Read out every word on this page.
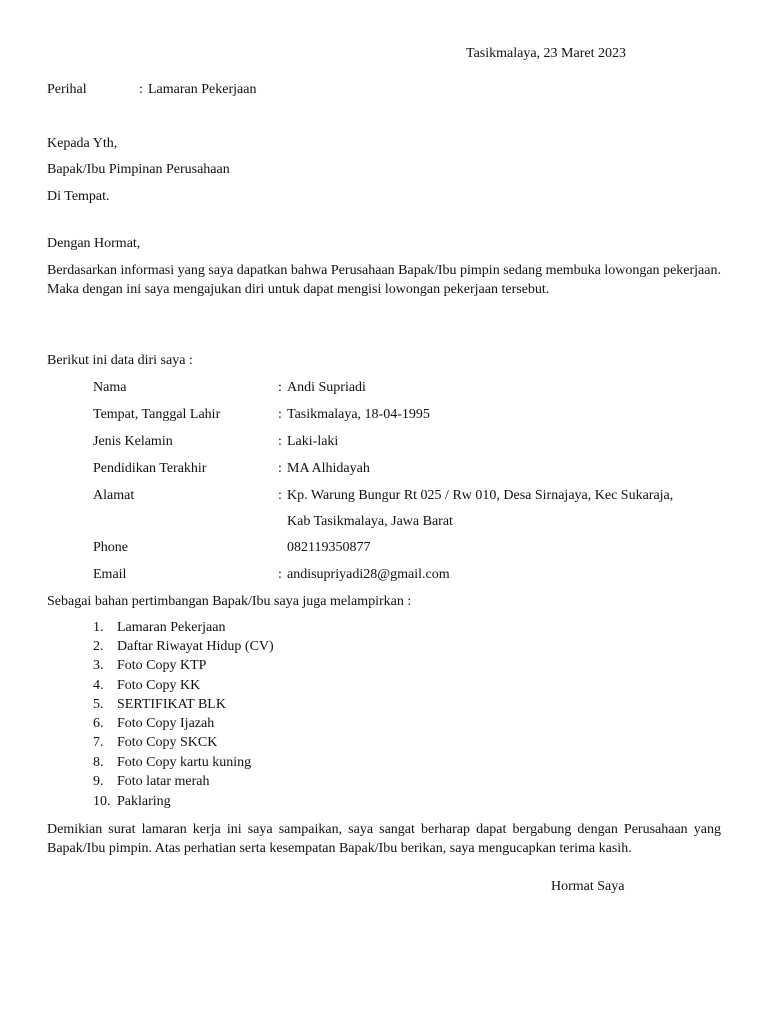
Tasikmalaya, 23 Maret 2023
Perihal	: Lamaran Pekerjaan
Kepada Yth,
Bapak/Ibu Pimpinan Perusahaan
Di Tempat.
Dengan Hormat,
Berdasarkan informasi yang saya dapatkan bahwa Perusahaan Bapak/Ibu pimpin sedang membuka lowongan pekerjaan. Maka dengan ini saya mengajukan diri untuk dapat mengisi lowongan pekerjaan tersebut.
Berikut ini data diri saya :
Nama	: Andi Supriadi
Tempat, Tanggal Lahir	: Tasikmalaya, 18-04-1995
Jenis Kelamin	: Laki-laki
Pendidikan Terakhir	: MA Alhidayah
Alamat	: Kp. Warung Bungur Rt 025 / Rw 010, Desa Sirnajaya, Kec Sukaraja,
Kab Tasikmalaya, Jawa Barat
Phone	082119350877
Email	: andisupriyadi28@gmail.com
Sebagai bahan pertimbangan Bapak/Ibu saya juga melampirkan :
1. Lamaran Pekerjaan
2. Daftar Riwayat Hidup (CV)
3. Foto Copy KTP
4. Foto Copy KK
5. SERTIFIKAT BLK
6. Foto Copy Ijazah
7. Foto Copy SKCK
8. Foto Copy kartu kuning
9. Foto latar merah
10. Paklaring
Demikian surat lamaran kerja ini saya sampaikan, saya sangat berharap dapat bergabung dengan Perusahaan yang Bapak/Ibu pimpin. Atas perhatian serta kesempatan Bapak/Ibu berikan, saya mengucapkan terima kasih.
Hormat Saya
